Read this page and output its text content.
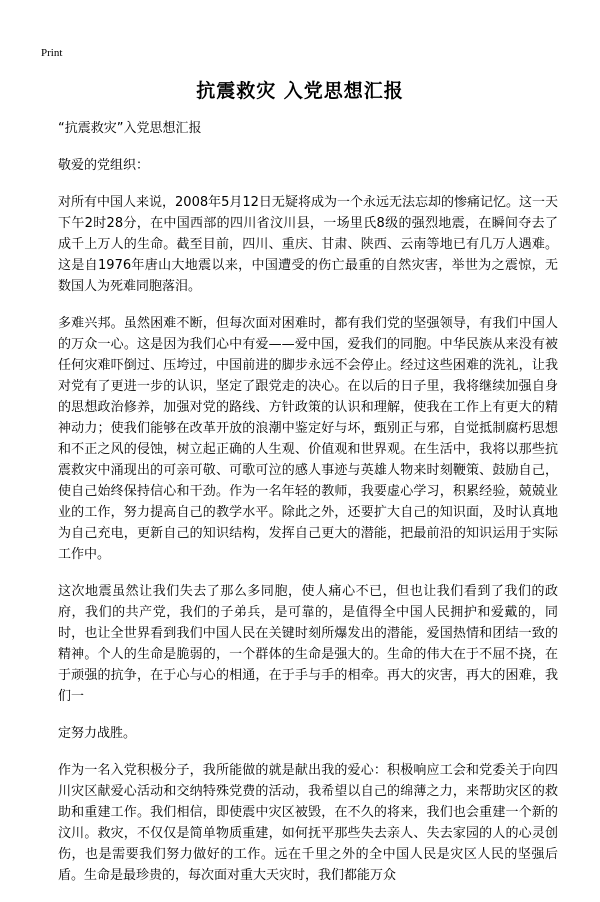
Print
抗震救灾 入党思想汇报

“抗震救灾”入党思想汇报

敬爱的党组织：

对所有中国人来说，2008年5月12日无疑将成为一个永远无法忘却的惨痛记忆。这一天下午2时28分，在中国西部的四川省汶川县，一场里氏8级的强烈地震，在瞬间夺去了成千上万人的生命。截至目前，四川、重庆、甘肃、陕西、云南等地已有几万人遇难。这是自1976年唐山大地震以来，中国遭受的伤亡最重的自然灾害，举世为之震惊，无数国人为死难同胞落泪。

多难兴邦。虽然困难不断，但每次面对困难时，都有我们党的坚强领导，有我们中国人的万众一心。这是因为我们心中有爱——爱中国，爱我们的同胞。中华民族从来没有被任何灾难吓倒过、压垮过，中国前进的脚步永远不会停止。经过这些困难的洗礼，让我对党有了更进一步的认识，坚定了跟党走的决心。在以后的日子里，我将继续加强自身的思想政治修养，加强对党的路线、方针政策的认识和理解，使我在工作上有更大的精神动力；使我们能够在改革开放的浪潮中鉴定好与坏，甄别正与邪，自觉抵制腐朽思想和不正之风的侵蚀，树立起正确的人生观、价值观和世界观。在生活中，我将以那些抗震救灾中涌现出的可亲可敬、可歌可泣的感人事迹与英雄人物来时刻鞭策、鼓励自己，使自己始终保持信心和干劲。作为一名年轻的教师，我要虚心学习，积累经验，兢兢业业的工作，努力提高自己的教学水平。除此之外，还要扩大自己的知识面，及时认真地为自己充电，更新自己的知识结构，发挥自己更大的潜能，把最前沿的知识运用于实际工作中。

这次地震虽然让我们失去了那么多同胞，使人痛心不已，但也让我们看到了我们的政府，我们的共产党，我们的子弟兵，是可靠的，是值得全中国人民拥护和爱戴的，同时，也让全世界看到我们中国人民在关键时刻所爆发出的潜能，爱国热情和团结一致的精神。个人的生命是脆弱的，一个群体的生命是强大的。生命的伟大在于不屈不挠，在于顽强的抗争，在于心与心的相通，在于手与手的相牵。再大的灾害，再大的困难，我们一

定努力战胜。

作为一名入党积极分子，我所能做的就是献出我的爱心：积极响应工会和党委关于向四川灾区献爱心活动和交纳特殊党费的活动，我希望以自己的绵薄之力，来帮助灾区的救助和重建工作。我们相信，即使震中灾区被毁，在不久的将来，我们也会重建一个新的汶川。救灾，不仅仅是简单物质重建，如何抚平那些失去亲人、失去家园的人的心灵创伤，也是需要我们努力做好的工作。远在千里之外的全中国人民是灾区人民的坚强后盾。生命是最珍贵的，每次面对重大天灾时，我们都能万众
